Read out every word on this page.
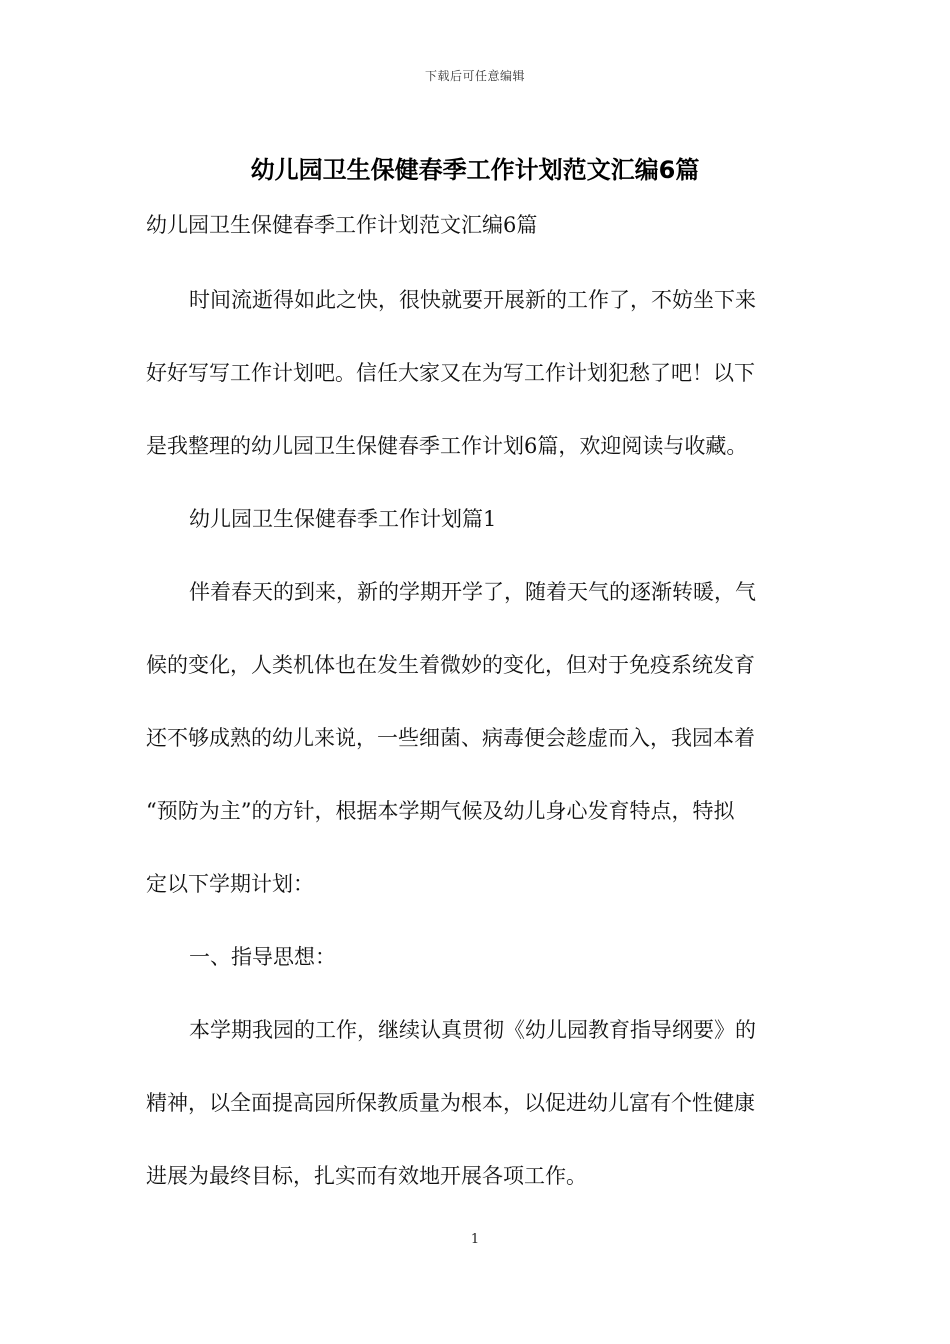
下载后可任意编辑
幼儿园卫生保健春季工作计划范文汇编6篇
幼儿园卫生保健春季工作计划范文汇编6篇
时间流逝得如此之快，很快就要开展新的工作了，不妨坐下来
好好写写工作计划吧。信任大家又在为写工作计划犯愁了吧！以下
是我整理的幼儿园卫生保健春季工作计划6篇，欢迎阅读与收藏。
幼儿园卫生保健春季工作计划篇1
伴着春天的到来，新的学期开学了，随着天气的逐渐转暖，气
候的变化，人类机体也在发生着微妙的变化，但对于免疫系统发育
还不够成熟的幼儿来说，一些细菌、病毒便会趁虚而入，我园本着
“预防为主”的方针，根据本学期气候及幼儿身心发育特点，特拟
定以下学期计划：
一、指导思想：
本学期我园的工作，继续认真贯彻《幼儿园教育指导纲要》的
精神，以全面提高园所保教质量为根本，以促进幼儿富有个性健康
进展为最终目标，扎实而有效地开展各项工作。
1
